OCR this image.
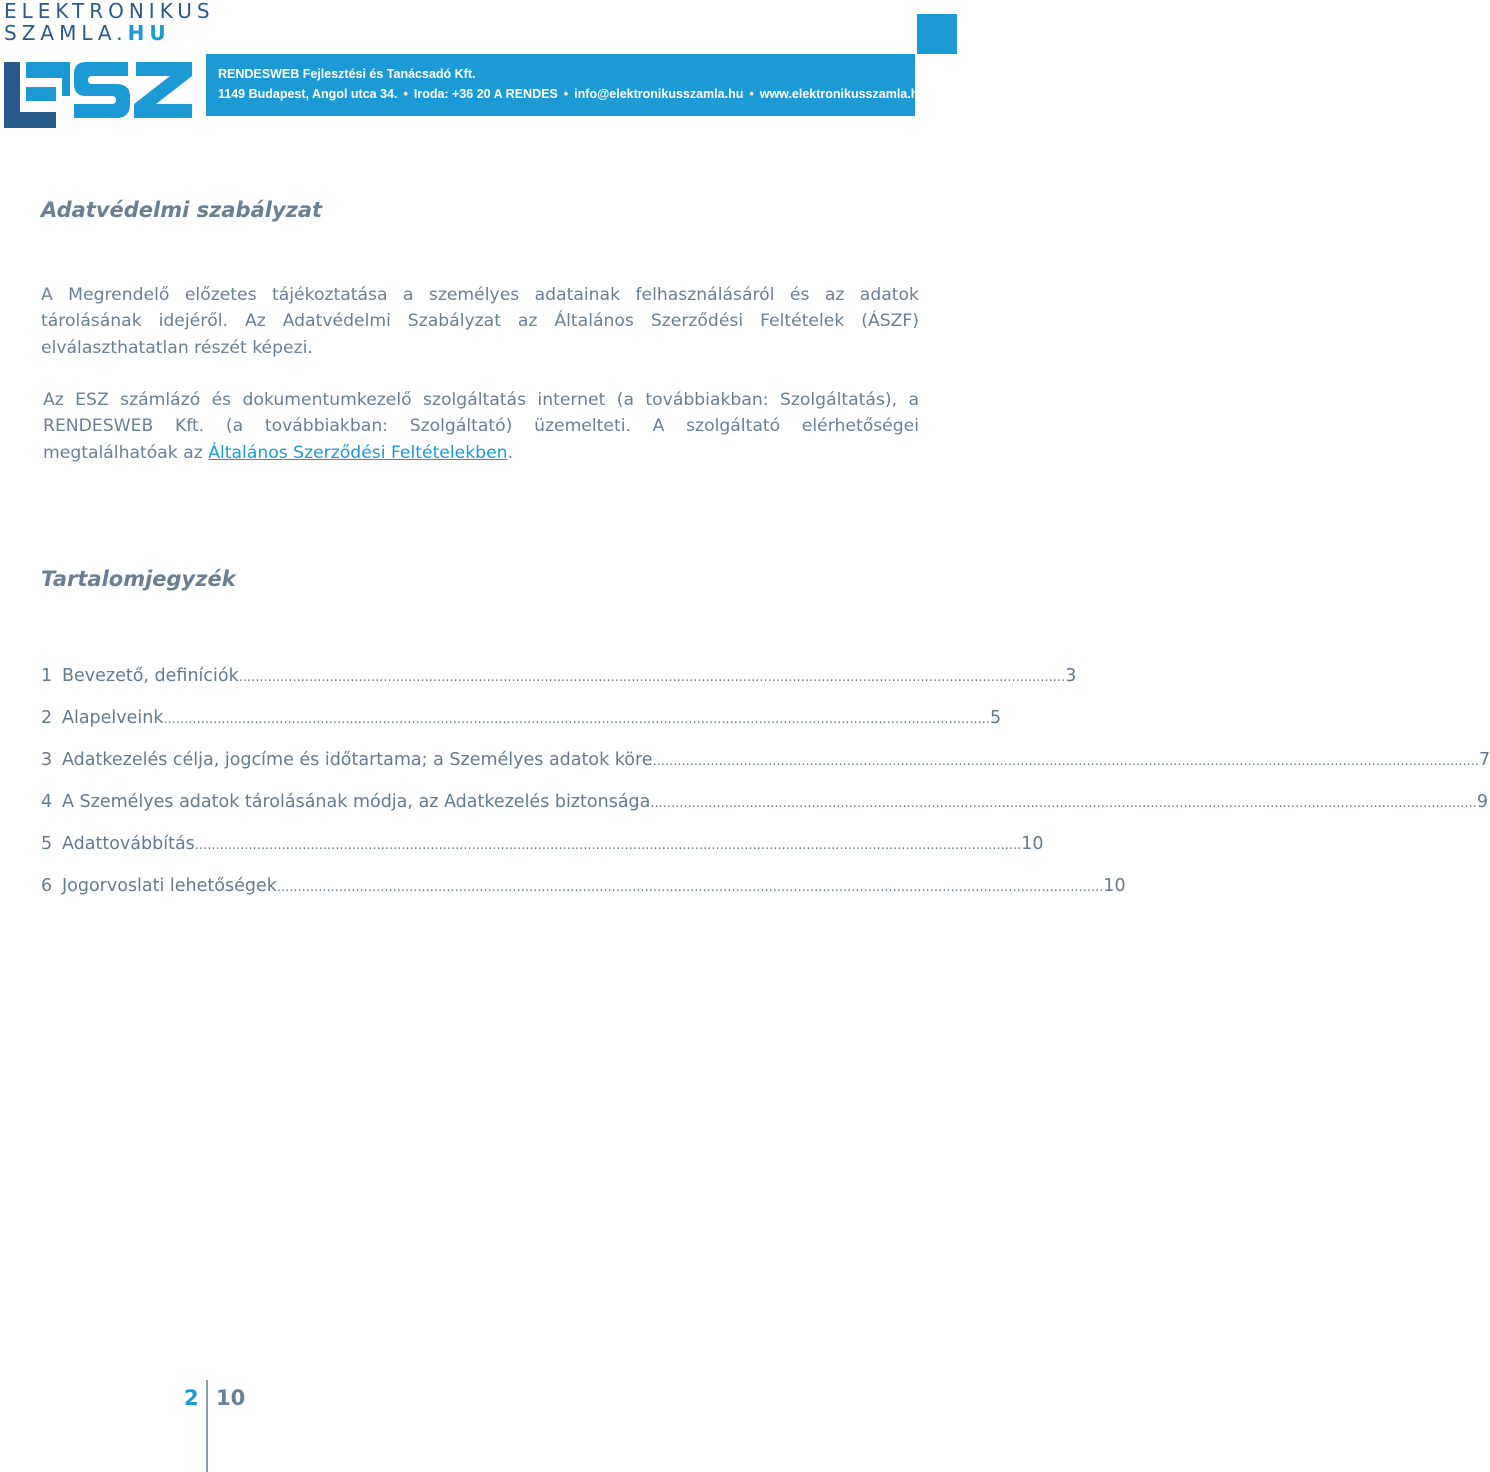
ELEKTRONIKUS
SZAMLA.HU
RENDESWEB Fejlesztési és Tanácsadó Kft.
1149 Budapest, Angol utca 34. • Iroda: +36 20 A RENDES • info@elektronikusszamla.hu • www.elektronikusszamla.hu
Adatvédelmi szabályzat
A Megrendelő előzetes tájékoztatása a személyes adatainak felhasználásáról és az adatok tárolásának idejéről. Az Adatvédelmi Szabályzat az Általános Szerződési Feltételek (ÁSZF) elválaszthatatlan részét képezi.
Az ESZ számlázó és dokumentumkezelő szolgáltatás internet (a továbbiakban: Szolgáltatás), a RENDESWEB Kft. (a továbbiakban: Szolgáltató) üzemelteti. A szolgáltató elérhetőségei megtalálhatóak az Általános Szerződési Feltételekben.
Tartalomjegyzék
1 Bevezető, definíciók ........................................................................................................................................................................................................ 3
2 Alapelveink ........................................................................................................................................................................................................ 5
3 Adatkezelés célja, jogcíme és időtartama; a Személyes adatok köre ........................................................................................................................................................................................................ 7
4 A Személyes adatok tárolásának módja, az Adatkezelés biztonsága ........................................................................................................................................................................................................ 9
5 Adattovábbítás ........................................................................................................................................................................................................ 10
6 Jogorvoslati lehetőségek ........................................................................................................................................................................................................ 10
2 10
